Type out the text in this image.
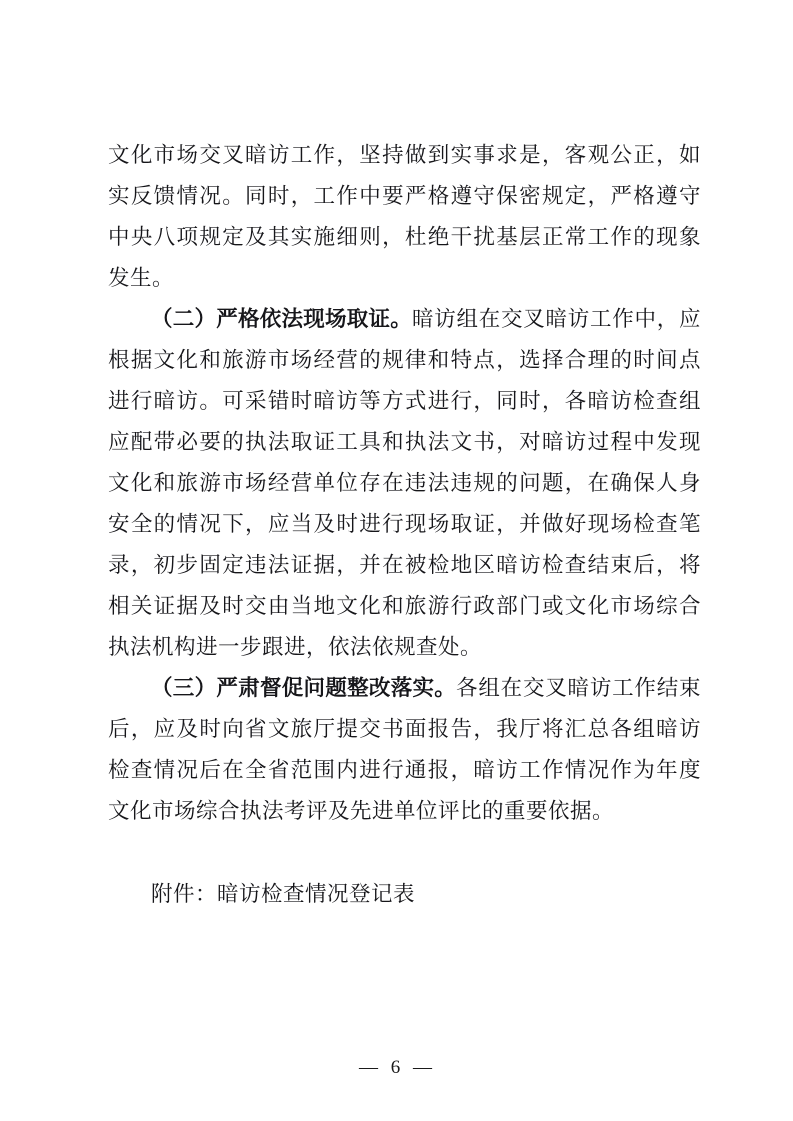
文化市场交叉暗访工作，坚持做到实事求是，客观公正，如实反馈情况。同时，工作中要严格遵守保密规定，严格遵守中央八项规定及其实施细则，杜绝干扰基层正常工作的现象发生。

（二）严格依法现场取证。暗访组在交叉暗访工作中，应根据文化和旅游市场经营的规律和特点，选择合理的时间点进行暗访。可采错时暗访等方式进行，同时，各暗访检查组应配带必要的执法取证工具和执法文书，对暗访过程中发现文化和旅游市场经营单位存在违法违规的问题，在确保人身安全的情况下，应当及时进行现场取证，并做好现场检查笔录，初步固定违法证据，并在被检地区暗访检查结束后，将相关证据及时交由当地文化和旅游行政部门或文化市场综合执法机构进一步跟进，依法依规查处。

（三）严肃督促问题整改落实。各组在交叉暗访工作结束后，应及时向省文旅厅提交书面报告，我厅将汇总各组暗访检查情况后在全省范围内进行通报，暗访工作情况作为年度文化市场综合执法考评及先进单位评比的重要依据。

附件：暗访检查情况登记表

— 6 —
